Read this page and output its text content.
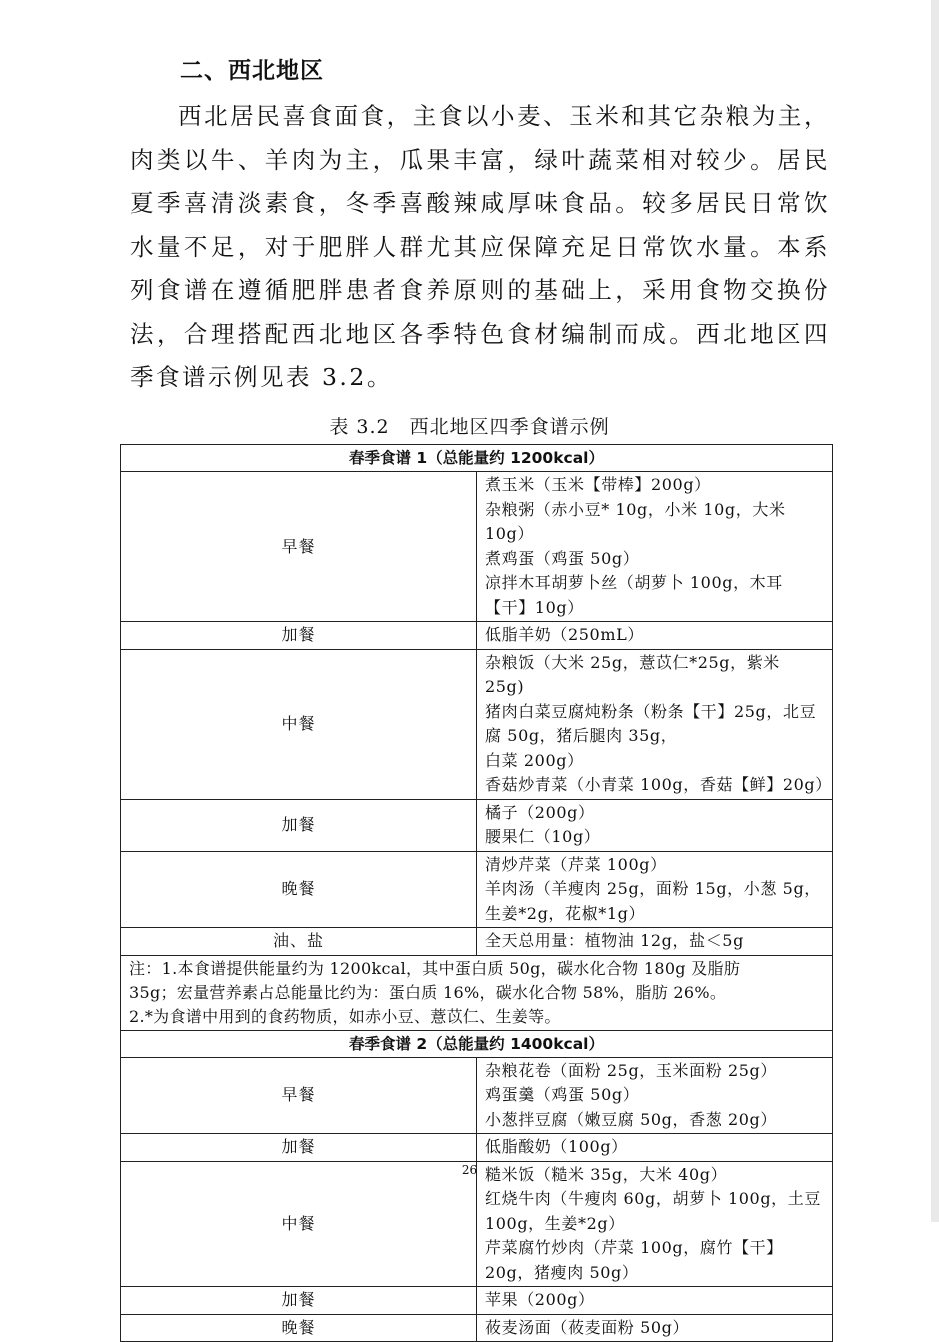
二、西北地区

西北居民喜食面食，主食以小麦、玉米和其它杂粮为主，肉类以牛、羊肉为主，瓜果丰富，绿叶蔬菜相对较少。居民夏季喜清淡素食，冬季喜酸辣咸厚味食品。较多居民日常饮水量不足，对于肥胖人群尤其应保障充足日常饮水量。本系列食谱在遵循肥胖患者食养原则的基础上，采用食物交换份法，合理搭配西北地区各季特色食材编制而成。西北地区四季食谱示例见表 3.2。

表 3.2　西北地区四季食谱示例
春季食谱 1（总能量约 1200kcal）	
早餐	煮玉米（玉米【带棒】200g）
杂粮粥（赤小豆* 10g，小米 10g，大米 10g）
煮鸡蛋（鸡蛋 50g）
凉拌木耳胡萝卜丝（胡萝卜 100g，木耳【干】10g）

加餐	低脂羊奶（250mL）

中餐	杂粮饭（大米 25g，薏苡仁*25g，紫米 25g)
猪肉白菜豆腐炖粉条（粉条【干】25g，北豆腐 50g，猪后腿肉 35g，
白菜 200g）
香菇炒青菜（小青菜 100g，香菇【鲜】20g）

加餐	橘子（200g）
腰果仁（10g）

晚餐	清炒芹菜（芹菜 100g）
羊肉汤（羊瘦肉 25g，面粉 15g，小葱 5g，生姜*2g，花椒*1g）

油、盐	全天总用量：植物油 12g，盐＜5g

注：1.本食谱提供能量约为 1200kcal，其中蛋白质 50g，碳水化合物 180g 及脂肪
35g；宏量营养素占总能量比约为：蛋白质 16%，碳水化合物 58%，脂肪 26%。
2.*为食谱中用到的食药物质，如赤小豆、薏苡仁、生姜等。	

春季食谱 2（总能量约 1400kcal）	
早餐	杂粮花卷（面粉 25g，玉米面粉 25g）
鸡蛋羹（鸡蛋 50g）
小葱拌豆腐（嫩豆腐 50g，香葱 20g）

加餐	低脂酸奶（100g）

中餐	糙米饭（糙米 35g，大米 40g）
红烧牛肉（牛瘦肉 60g，胡萝卜 100g，土豆 100g，生姜*2g）
芹菜腐竹炒肉（芹菜 100g，腐竹【干】20g，猪瘦肉 50g）

加餐	苹果（200g）

晚餐	莜麦汤面（莜麦面粉 50g）
26
